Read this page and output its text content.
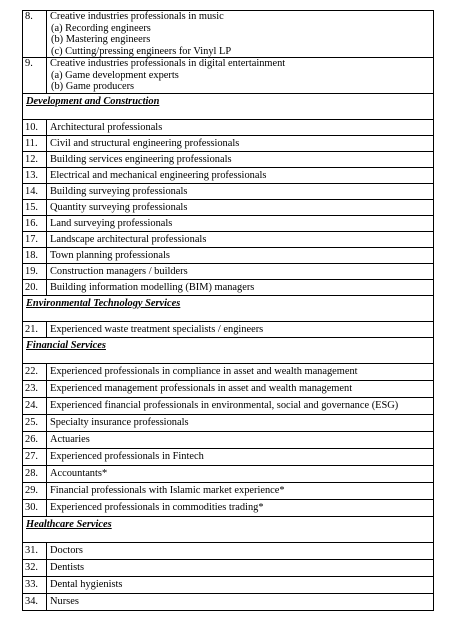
8.	Creative industries professionals in music
(a) Recording engineers
(b) Mastering engineers
(c) Cutting/pressing engineers for Vinyl LP

9.	Creative industries professionals in digital entertainment
(a) Game development experts
(b) Game producers

Development and Construction	
10.	Architectural professionals
11.	Civil and structural engineering professionals
12.	Building services engineering professionals
13.	Electrical and mechanical engineering professionals
14.	Building surveying professionals
15.	Quantity surveying professionals
16.	Land surveying professionals
17.	Landscape architectural professionals
18.	Town planning professionals
19.	Construction managers / builders
20.	Building information modelling (BIM) managers
Environmental Technology Services	
21.	Experienced waste treatment specialists / engineers
Financial Services	
22.	Experienced professionals in compliance in asset and wealth management
23.	Experienced management professionals in asset and wealth management
24.	Experienced financial professionals in environmental, social and governance (ESG)
25.	Specialty insurance professionals
26.	Actuaries
27.	Experienced professionals in Fintech
28.	Accountants*
29.	Financial professionals with Islamic market experience*
30.	Experienced professionals in commodities trading*
Healthcare Services	
31.	Doctors
32.	Dentists
33.	Dental hygienists
34.	Nurses
